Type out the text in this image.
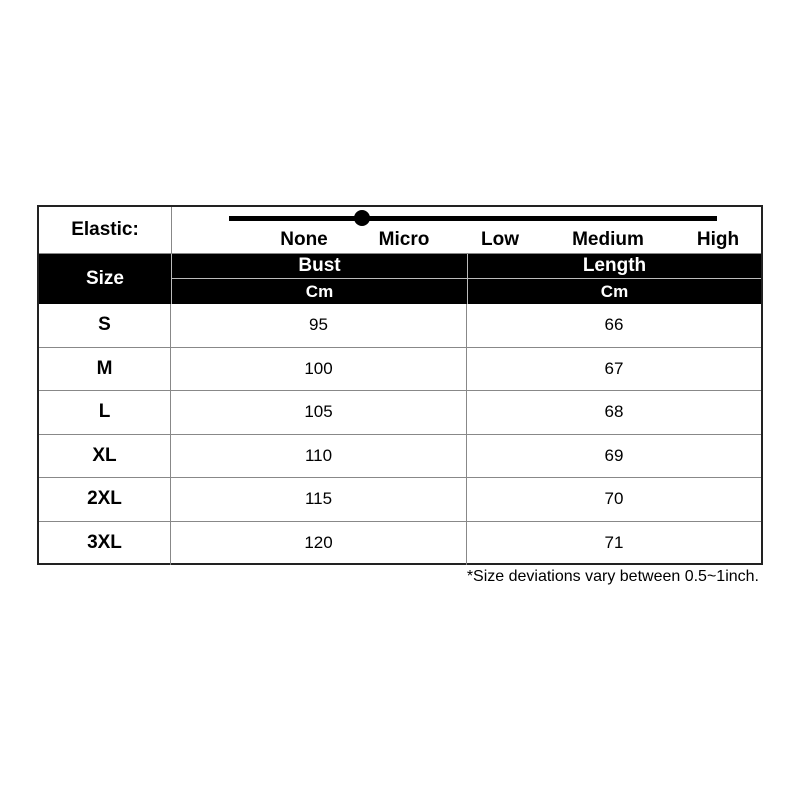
Elastic:	None	Micro	Low	Medium	High
Size
Bust
Cm
Length
Cm
S	95	66
M	100	67
L	105	68
XL	110	69
2XL	115	70
3XL	120	71
*Size deviations vary between 0.5~1inch.
